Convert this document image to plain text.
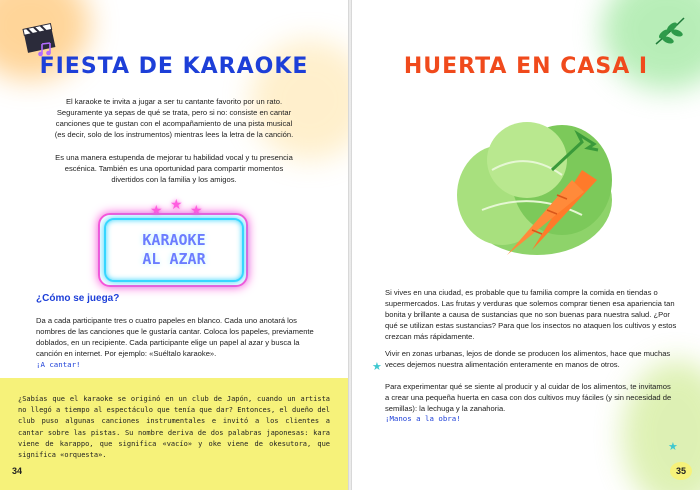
FIESTA DE KARAOKE
El karaoke te invita a jugar a ser tu cantante favorito por un rato. Seguramente ya sepas de qué se trata, pero si no: consiste en cantar canciones que te gustan con el acompañamiento de una pista musical (es decir, solo de los instrumentos) mientras lees la letra de la canción.
Es una manera estupenda de mejorar tu habilidad vocal y tu presencia escénica. También es una oportunidad para compartir momentos divertidos con la familia y los amigos.
★ ★ ★
KARAOKE
AL AZAR
¿Cómo se juega?
Da a cada participante tres o cuatro papeles en blanco. Cada uno anotará los nombres de las canciones que le gustaría cantar. Coloca los papeles, previamente doblados, en un recipiente. Cada participante elige un papel al azar y busca la canción en internet. Por ejemplo: «Suéltalo karaoke».
¡A cantar!
¿Sabías que el karaoke se originó en un club de Japón, cuando un artista no llegó a tiempo al espectáculo que tenía que dar? Entonces, el dueño del club puso algunas canciones instrumentales e invitó a los clientes a cantar sobre las pistas. Su nombre deriva de dos palabras japonesas: kara viene de karappo, que significa «vacío» y oke viene de okesutora, que significa «orquesta».
34
HUERTA EN CASA I
Si vives en una ciudad, es probable que tu familia compre la comida en tiendas o supermercados. Las frutas y verduras que solemos comprar tienen esa apariencia tan bonita y brillante a causa de sustancias que no son buenas para nuestra salud. ¿Por qué se utilizan estas sustancias? Para que los insectos no ataquen los cultivos y estos crezcan más rápidamente.
Vivir en zonas urbanas, lejos de donde se producen los alimentos, hace que muchas veces dejemos nuestra alimentación enteramente en manos de otros.
Para experimentar qué se siente al producir y al cuidar de los alimentos, te invitamos a crear una pequeña huerta en casa con dos cultivos muy fáciles (y sin necesidad de semillas): la lechuga y la zanahoria.
¡Manos a la obra!
★
★
35
